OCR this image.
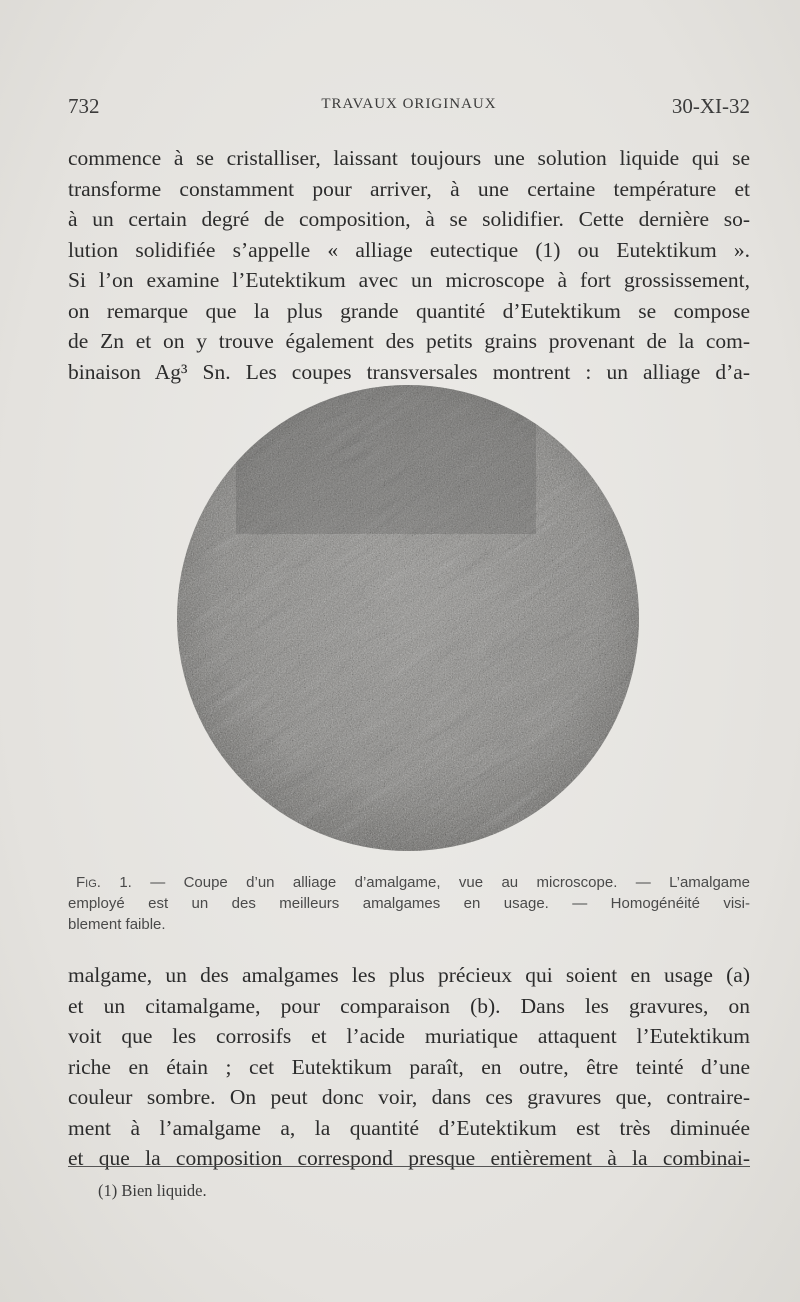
732	TRAVAUX ORIGINAUX	30-XI-32

commence à se cristalliser, laissant toujours une solution liquide qui se
transforme constamment pour arriver, à une certaine température et
à un certain degré de composition, à se solidifier. Cette dernière so-
lution solidifiée s’appelle « alliage eutectique (1) ou Eutektikum ».
Si l’on examine l’Eutektikum avec un microscope à fort grossissement,
on remarque que la plus grande quantité d’Eutektikum se compose
de Zn et on y trouve également des petits grains provenant de la com-
binaison Ag³ Sn. Les coupes transversales montrent : un alliage d’a-

Fig. 1. — Coupe d’un alliage d’amalgame, vue au microscope. — L’amalgame
employé est un des meilleurs amalgames en usage. — Homogénéité visi-
blement faible.

malgame, un des amalgames les plus précieux qui soient en usage (a)
et un citamalgame, pour comparaison (b). Dans les gravures, on
voit que les corrosifs et l’acide muriatique attaquent l’Eutektikum
riche en étain ; cet Eutektikum paraît, en outre, être teinté d’une
couleur sombre. On peut donc voir, dans ces gravures que, contraire-
ment à l’amalgame a, la quantité d’Eutektikum est très diminuée
et que la composition correspond presque entièrement à la combinai-

(1) Bien liquide.
